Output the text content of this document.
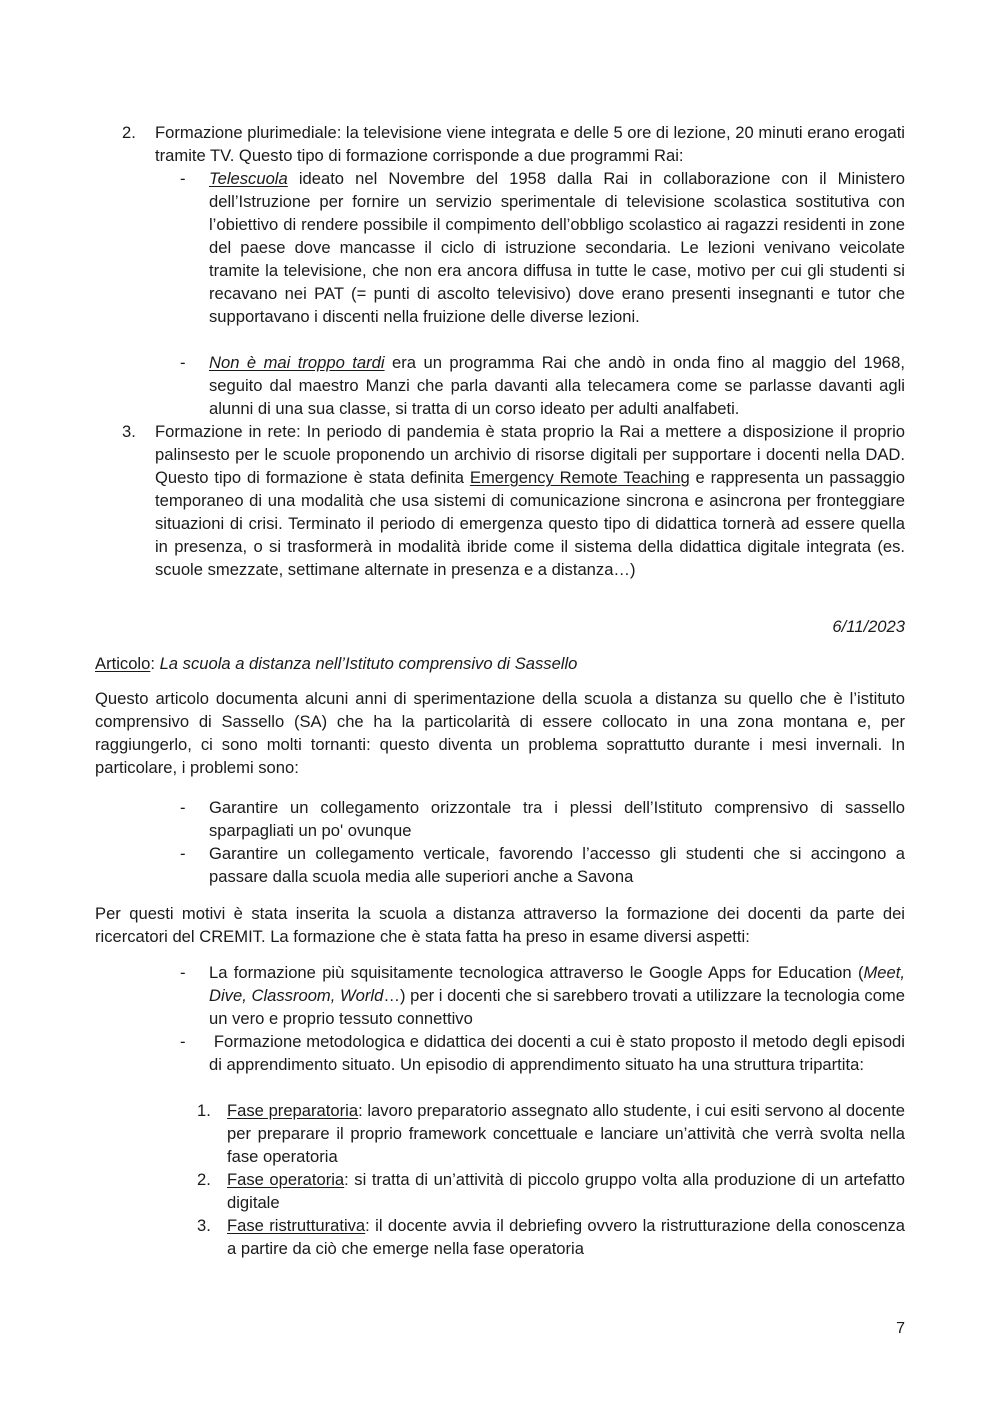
2. Formazione plurimediale: la televisione viene integrata e delle 5 ore di lezione, 20 minuti erano erogati tramite TV. Questo tipo di formazione corrisponde a due programmi Rai:
- Telescuola ideato nel Novembre del 1958 dalla Rai in collaborazione con il Ministero dell’Istruzione per fornire un servizio sperimentale di televisione scolastica sostitutiva con l’obiettivo di rendere possibile il compimento dell’obbligo scolastico ai ragazzi residenti in zone del paese dove mancasse il ciclo di istruzione secondaria. Le lezioni venivano veicolate tramite la televisione, che non era ancora diffusa in tutte le case, motivo per cui gli studenti si recavano nei PAT (= punti di ascolto televisivo) dove erano presenti insegnanti e tutor che supportavano i discenti nella fruizione delle diverse lezioni.
- Non è mai troppo tardi era un programma Rai che andò in onda fino al maggio del 1968, seguito dal maestro Manzi che parla davanti alla telecamera come se parlasse davanti agli alunni di una sua classe, si tratta di un corso ideato per adulti analfabeti.
3. Formazione in rete: In periodo di pandemia è stata proprio la Rai a mettere a disposizione il proprio palinsesto per le scuole proponendo un archivio di risorse digitali per supportare i docenti nella DAD. Questo tipo di formazione è stata definita Emergency Remote Teaching e rappresenta un passaggio temporaneo di una modalità che usa sistemi di comunicazione sincrona e asincrona per fronteggiare situazioni di crisi. Terminato il periodo di emergenza questo tipo di didattica tornerà ad essere quella in presenza, o si trasformerà in modalità ibride come il sistema della didattica digitale integrata (es. scuole smezzate, settimane alternate in presenza e a distanza…)
6/11/2023
Articolo: La scuola a distanza nell’Istituto comprensivo di Sassello
Questo articolo documenta alcuni anni di sperimentazione della scuola a distanza su quello che è l’istituto comprensivo di Sassello (SA) che ha la particolarità di essere collocato in una zona montana e, per raggiungerlo, ci sono molti tornanti: questo diventa un problema soprattutto durante i mesi invernali. In particolare, i problemi sono:
- Garantire un collegamento orizzontale tra i plessi dell’Istituto comprensivo di sassello sparpagliati un po' ovunque
- Garantire un collegamento verticale, favorendo l’accesso gli studenti che si accingono a passare dalla scuola media alle superiori anche a Savona
Per questi motivi è stata inserita la scuola a distanza attraverso la formazione dei docenti da parte dei ricercatori del CREMIT. La formazione che è stata fatta ha preso in esame diversi aspetti:
- La formazione più squisitamente tecnologica attraverso le Google Apps for Education (Meet, Dive, Classroom, World…) per i docenti che si sarebbero trovati a utilizzare la tecnologia come un vero e proprio tessuto connettivo
- Formazione metodologica e didattica dei docenti a cui è stato proposto il metodo degli episodi di apprendimento situato. Un episodio di apprendimento situato ha una struttura tripartita:
1. Fase preparatoria: lavoro preparatorio assegnato allo studente, i cui esiti servono al docente per preparare il proprio framework concettuale e lanciare un’attività che verrà svolta nella fase operatoria
2. Fase operatoria: si tratta di un’attività di piccolo gruppo volta alla produzione di un artefatto digitale
3. Fase ristrutturativa: il docente avvia il debriefing ovvero la ristrutturazione della conoscenza a partire da ciò che emerge nella fase operatoria
7
